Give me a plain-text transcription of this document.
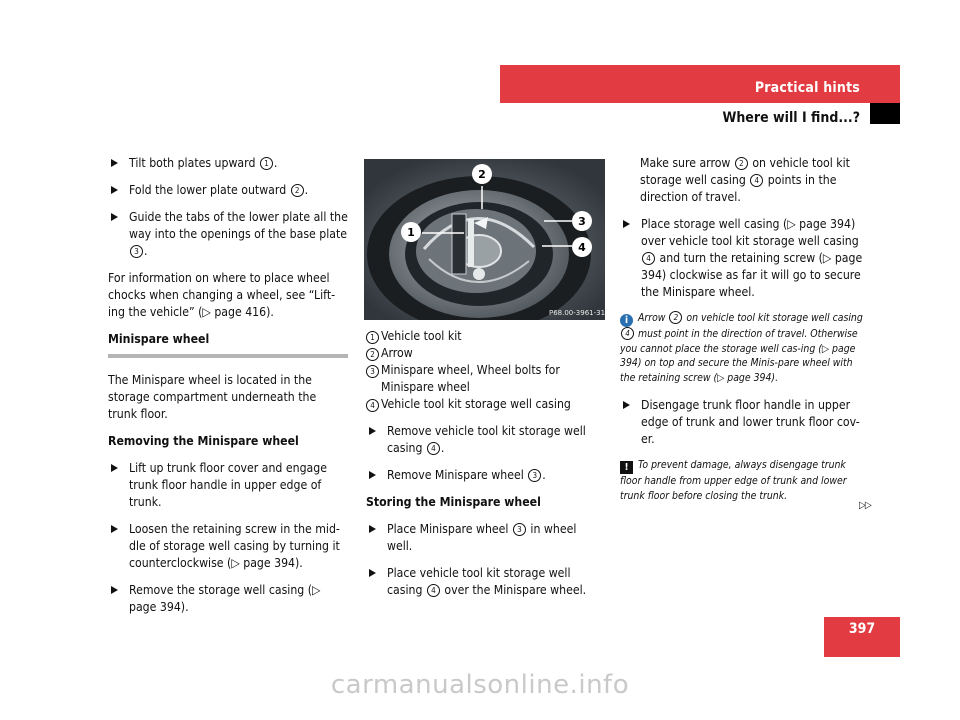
Practical hints
Where will I find...?
Tilt both plates upward 1 .
Fold the lower plate outward 2 .
Guide the tabs of the lower plate all the way into the openings of the base plate 3 .

For information on where to place wheel chocks when changing a wheel, see “Lift-ing the vehicle” (▷ page 416).

Minispare wheel

The Minispare wheel is located in the storage compartment underneath the trunk floor.

Removing the Minispare wheel
Lift up trunk floor cover and engage trunk floor handle in upper edge of trunk.
Loosen the retaining screw in the mid-dle of storage well casing by turning it counterclockwise (▷ page 394).
Remove the storage well casing (▷ page 394).
2
1
3
4
P68.00-3961-31
1 Vehicle tool kit
2 Arrow
3 Minispare wheel, Wheel bolts for Minispare wheel
4 Vehicle tool kit storage well casing
Remove vehicle tool kit storage well casing 4 .
Remove Minispare wheel 3 .
Storing the Minispare wheel
Place Minispare wheel 3 in wheel well.
Place vehicle tool kit storage well casing 4 over the Minispare wheel.

Make sure arrow 2 on vehicle tool kit storage well casing 4 points in the direction of travel.

Place storage well casing (▷ page 394) over vehicle tool kit storage well casing 4 and turn the retaining screw (▷ page 394) clockwise as far it will go to secure the Minispare wheel.
i Arrow 2 on vehicle tool kit storage well casing 4 must point in the direction of travel. Otherwise you cannot place the storage well cas-ing (▷ page 394) on top and secure the Minis-pare wheel with the retaining screw (▷ page 394).
Disengage trunk floor handle in upper edge of trunk and lower trunk floor cov-er.
! To prevent damage, always disengage trunk floor handle from upper edge of trunk and lower trunk floor before closing the trunk.
▷▷
397
carmanualsonline.info
